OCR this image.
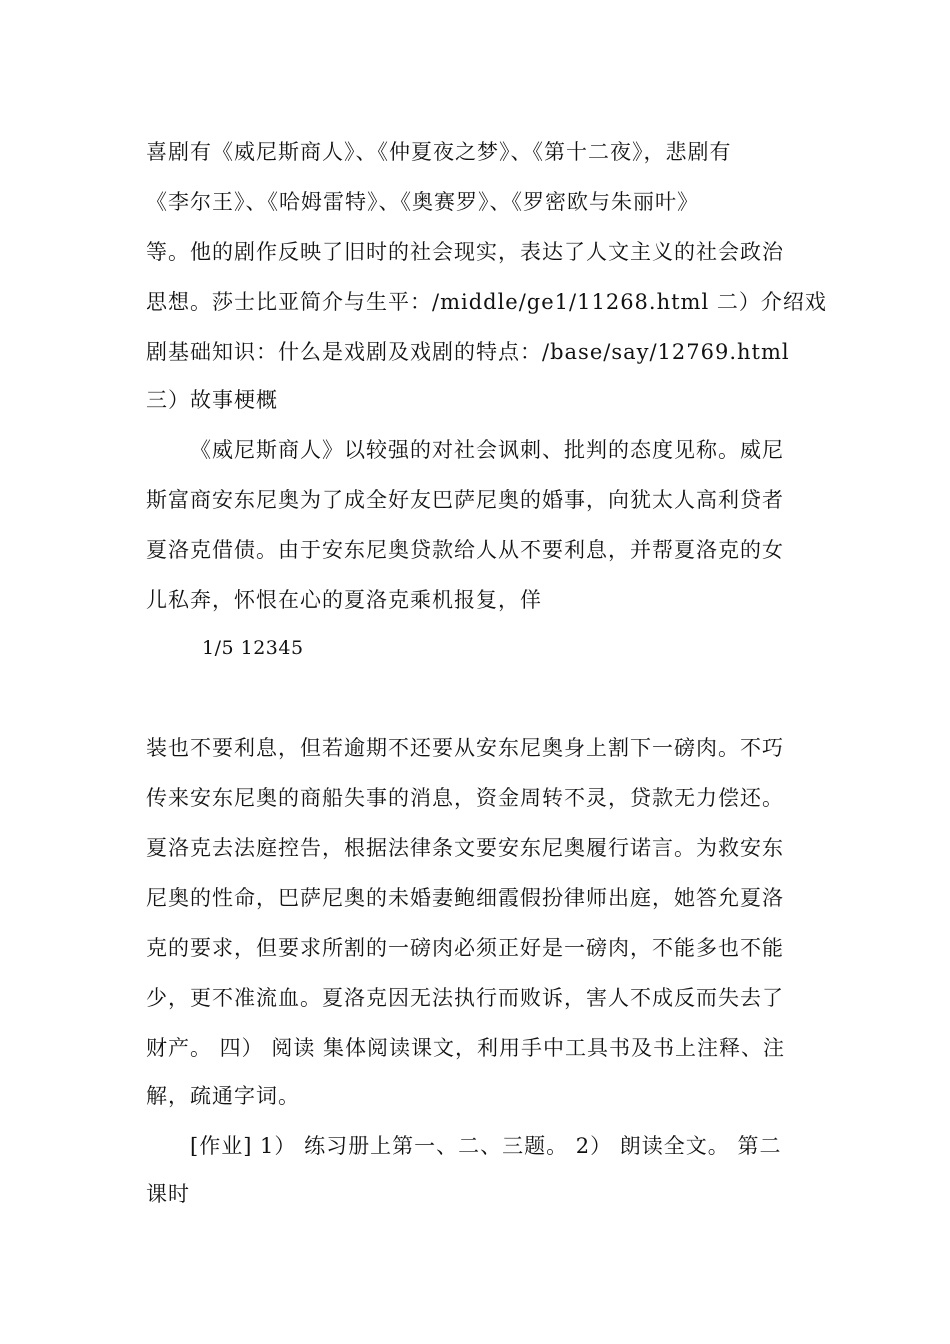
喜剧有《威尼斯商人》、《仲夏夜之梦》、《第十二夜》，悲剧有
《李尔王》、《哈姆雷特》、《奥赛罗》、《罗密欧与朱丽叶》
等。他的剧作反映了旧时的社会现实，表达了人文主义的社会政治
思想。莎士比亚简介与生平：/middle/ge1/11268.html 二）介绍戏
剧基础知识：什么是戏剧及戏剧的特点：/base/say/12769.html
三）故事梗概
《威尼斯商人》以较强的对社会讽刺、批判的态度见称。威尼
斯富商安东尼奥为了成全好友巴萨尼奥的婚事，向犹太人高利贷者
夏洛克借债。由于安东尼奥贷款给人从不要利息，并帮夏洛克的女
儿私奔，怀恨在心的夏洛克乘机报复，佯
1/5 12345
装也不要利息，但若逾期不还要从安东尼奥身上割下一磅肉。不巧
传来安东尼奥的商船失事的消息，资金周转不灵，贷款无力偿还。
夏洛克去法庭控告，根据法律条文要安东尼奥履行诺言。为救安东
尼奥的性命，巴萨尼奥的未婚妻鲍细霞假扮律师出庭，她答允夏洛
克的要求，但要求所割的一磅肉必须正好是一磅肉，不能多也不能
少，更不准流血。夏洛克因无法执行而败诉，害人不成反而失去了
财产。 四） 阅读 集体阅读课文，利用手中工具书及书上注释、注
解，疏通字词。
[作业] 1） 练习册上第一、二、三题。 2） 朗读全文。 第二
课时
